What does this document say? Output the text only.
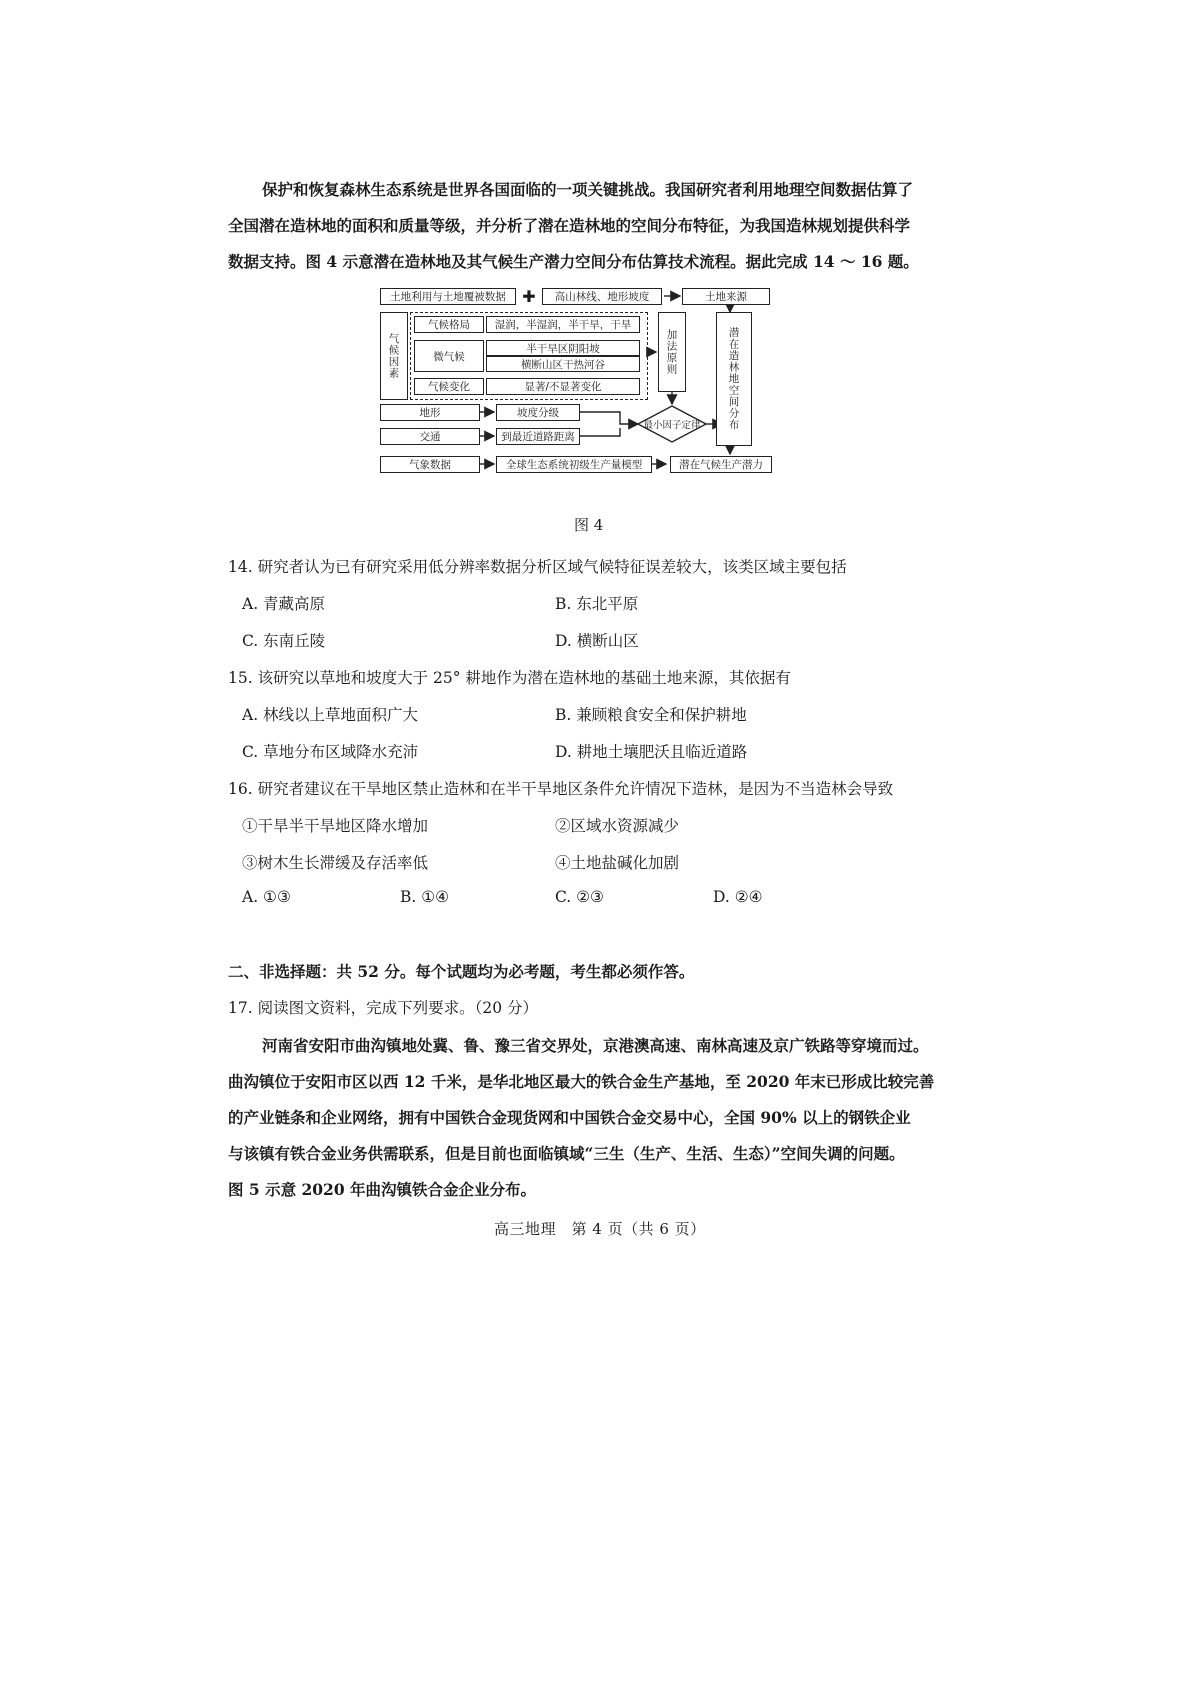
保护和恢复森林生态系统是世界各国面临的一项关键挑战。我国研究者利用地理空间数据估算了
全国潜在造林地的面积和质量等级，并分析了潜在造林地的空间分布特征，为我国造林规划提供科学
数据支持。图 4 示意潜在造林地及其气候生产潜力空间分布估算技术流程。据此完成 14 ～ 16 题。
土地利用与土地覆被数据	✚	高山林线、地形坡度	土地来源
气候因素
气候格局	湿润，半湿润，半干旱，干旱
微气候
半干旱区阴阳坡
横断山区干热河谷
气候变化	显著/不显著变化
加法原则	潜在造林地空间分布
地形	坡度分级
交通	到最近道路距离
最小因子定律
气象数据	全球生态系统初级生产量模型	潜在气候生产潜力
图 4
14. 研究者认为已有研究采用低分辨率数据分析区域气候特征误差较大，该类区域主要包括
A. 青藏高原	B. 东北平原
C. 东南丘陵	D. 横断山区
15. 该研究以草地和坡度大于 25° 耕地作为潜在造林地的基础土地来源，其依据有
A. 林线以上草地面积广大	B. 兼顾粮食安全和保护耕地
C. 草地分布区域降水充沛	D. 耕地土壤肥沃且临近道路
16. 研究者建议在干旱地区禁止造林和在半干旱地区条件允许情况下造林，是因为不当造林会导致
①干旱半干旱地区降水增加	②区域水资源减少
③树木生长滞缓及存活率低	④土地盐碱化加剧
A. ①③	B. ①④	C. ②③	D. ②④
二、非选择题：共 52 分。每个试题均为必考题，考生都必须作答。
17. 阅读图文资料，完成下列要求。（20 分）
河南省安阳市曲沟镇地处冀、鲁、豫三省交界处，京港澳高速、南林高速及京广铁路等穿境而过。
曲沟镇位于安阳市区以西 12 千米，是华北地区最大的铁合金生产基地，至 2020 年末已形成比较完善
的产业链条和企业网络，拥有中国铁合金现货网和中国铁合金交易中心，全国 90% 以上的钢铁企业
与该镇有铁合金业务供需联系，但是目前也面临镇域“三生（生产、生活、生态）”空间失调的问题。
图 5 示意 2020 年曲沟镇铁合金企业分布。
高三地理　第 4 页（共 6 页）
